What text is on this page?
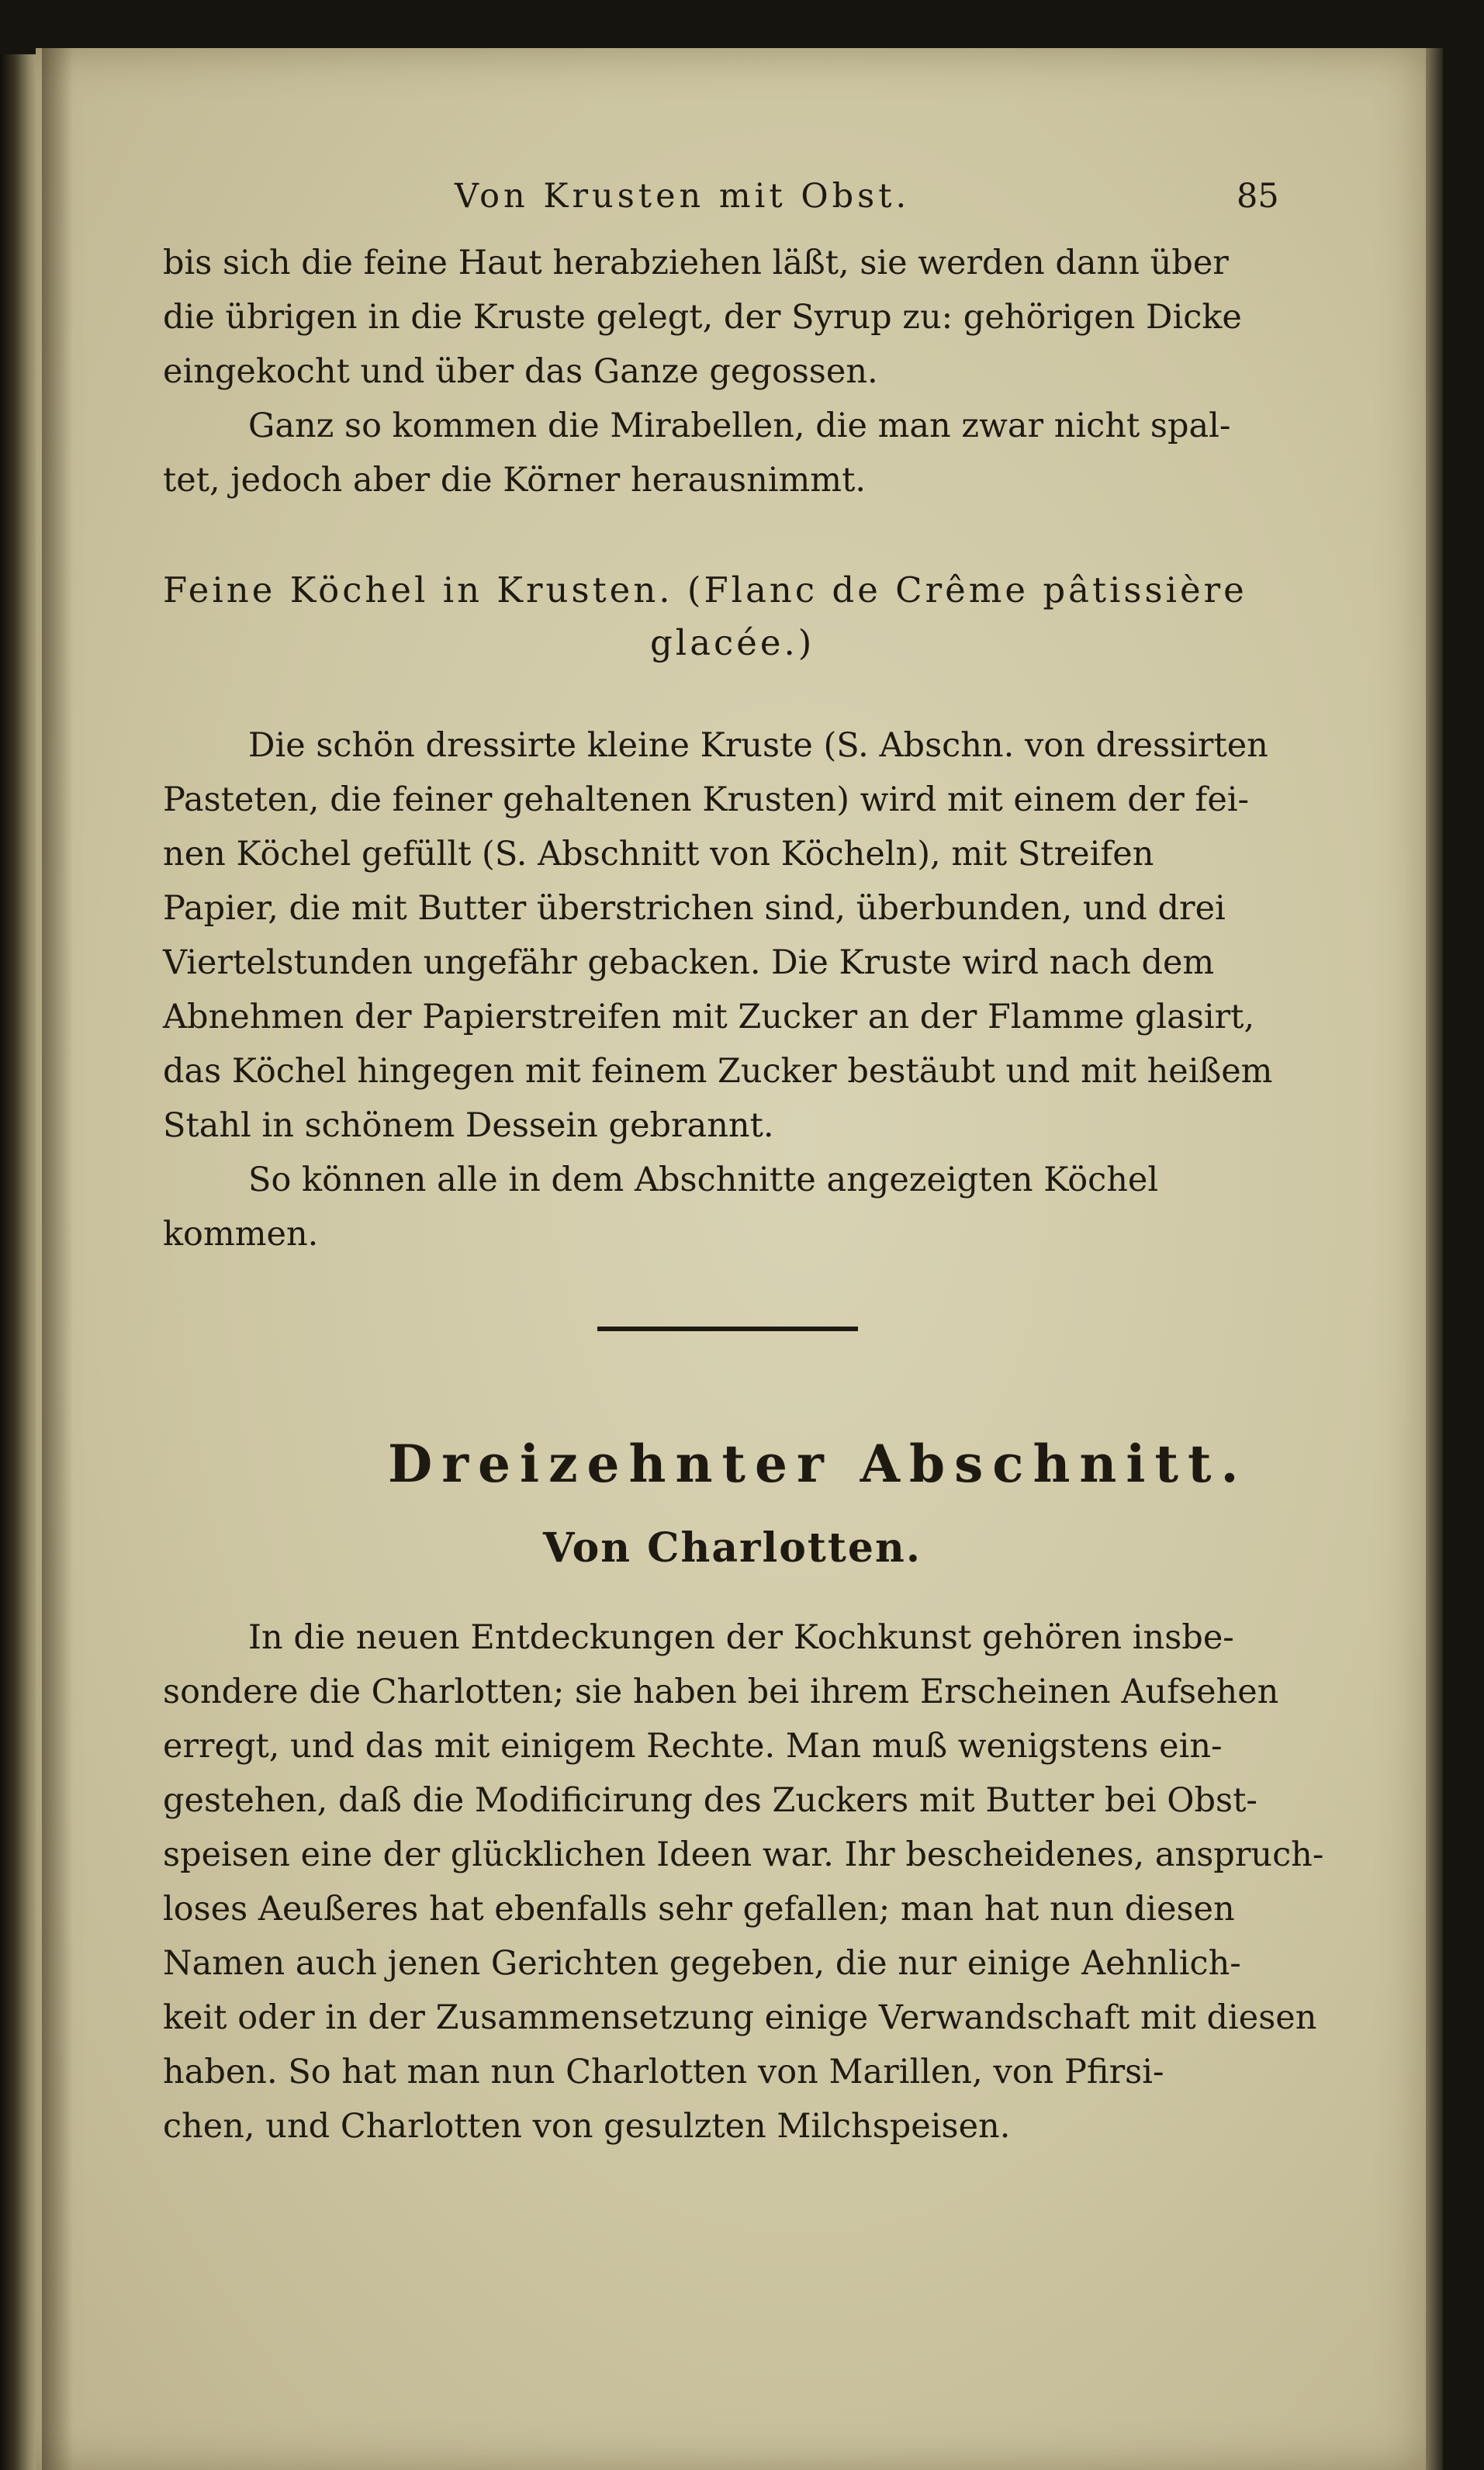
Von Krusten mit Obst.	85
bis sich die feine Haut herabziehen läßt, sie werden dann über
die übrigen in die Kruste gelegt, der Syrup zu: gehörigen Dicke
eingekocht und über das Ganze gegossen.
Ganz so kommen die Mirabellen, die man zwar nicht spal-
tet, jedoch aber die Körner herausnimmt.
Feine Köchel in Krusten. (Flanc de Crême pâtissière
glacée.)
Die schön dressirte kleine Kruste (S. Abschn. von dressirten
Pasteten, die feiner gehaltenen Krusten) wird mit einem der fei-
nen Köchel gefüllt (S. Abschnitt von Köcheln), mit Streifen
Papier, die mit Butter überstrichen sind, überbunden, und drei
Viertelstunden ungefähr gebacken. Die Kruste wird nach dem
Abnehmen der Papierstreifen mit Zucker an der Flamme glasirt,
das Köchel hingegen mit feinem Zucker bestäubt und mit heißem
Stahl in schönem Dessein gebrannt.
So können alle in dem Abschnitte angezeigten Köchel
kommen.
Dreizehnter Abschnitt.
Von Charlotten.
In die neuen Entdeckungen der Kochkunst gehören insbe-
sondere die Charlotten; sie haben bei ihrem Erscheinen Aufsehen
erregt, und das mit einigem Rechte. Man muß wenigstens ein-
gestehen, daß die Modificirung des Zuckers mit Butter bei Obst-
speisen eine der glücklichen Ideen war. Ihr bescheidenes, anspruch-
loses Aeußeres hat ebenfalls sehr gefallen; man hat nun diesen
Namen auch jenen Gerichten gegeben, die nur einige Aehnlich-
keit oder in der Zusammensetzung einige Verwandschaft mit diesen
haben. So hat man nun Charlotten von Marillen, von Pfirsi-
chen, und Charlotten von gesulzten Milchspeisen.
